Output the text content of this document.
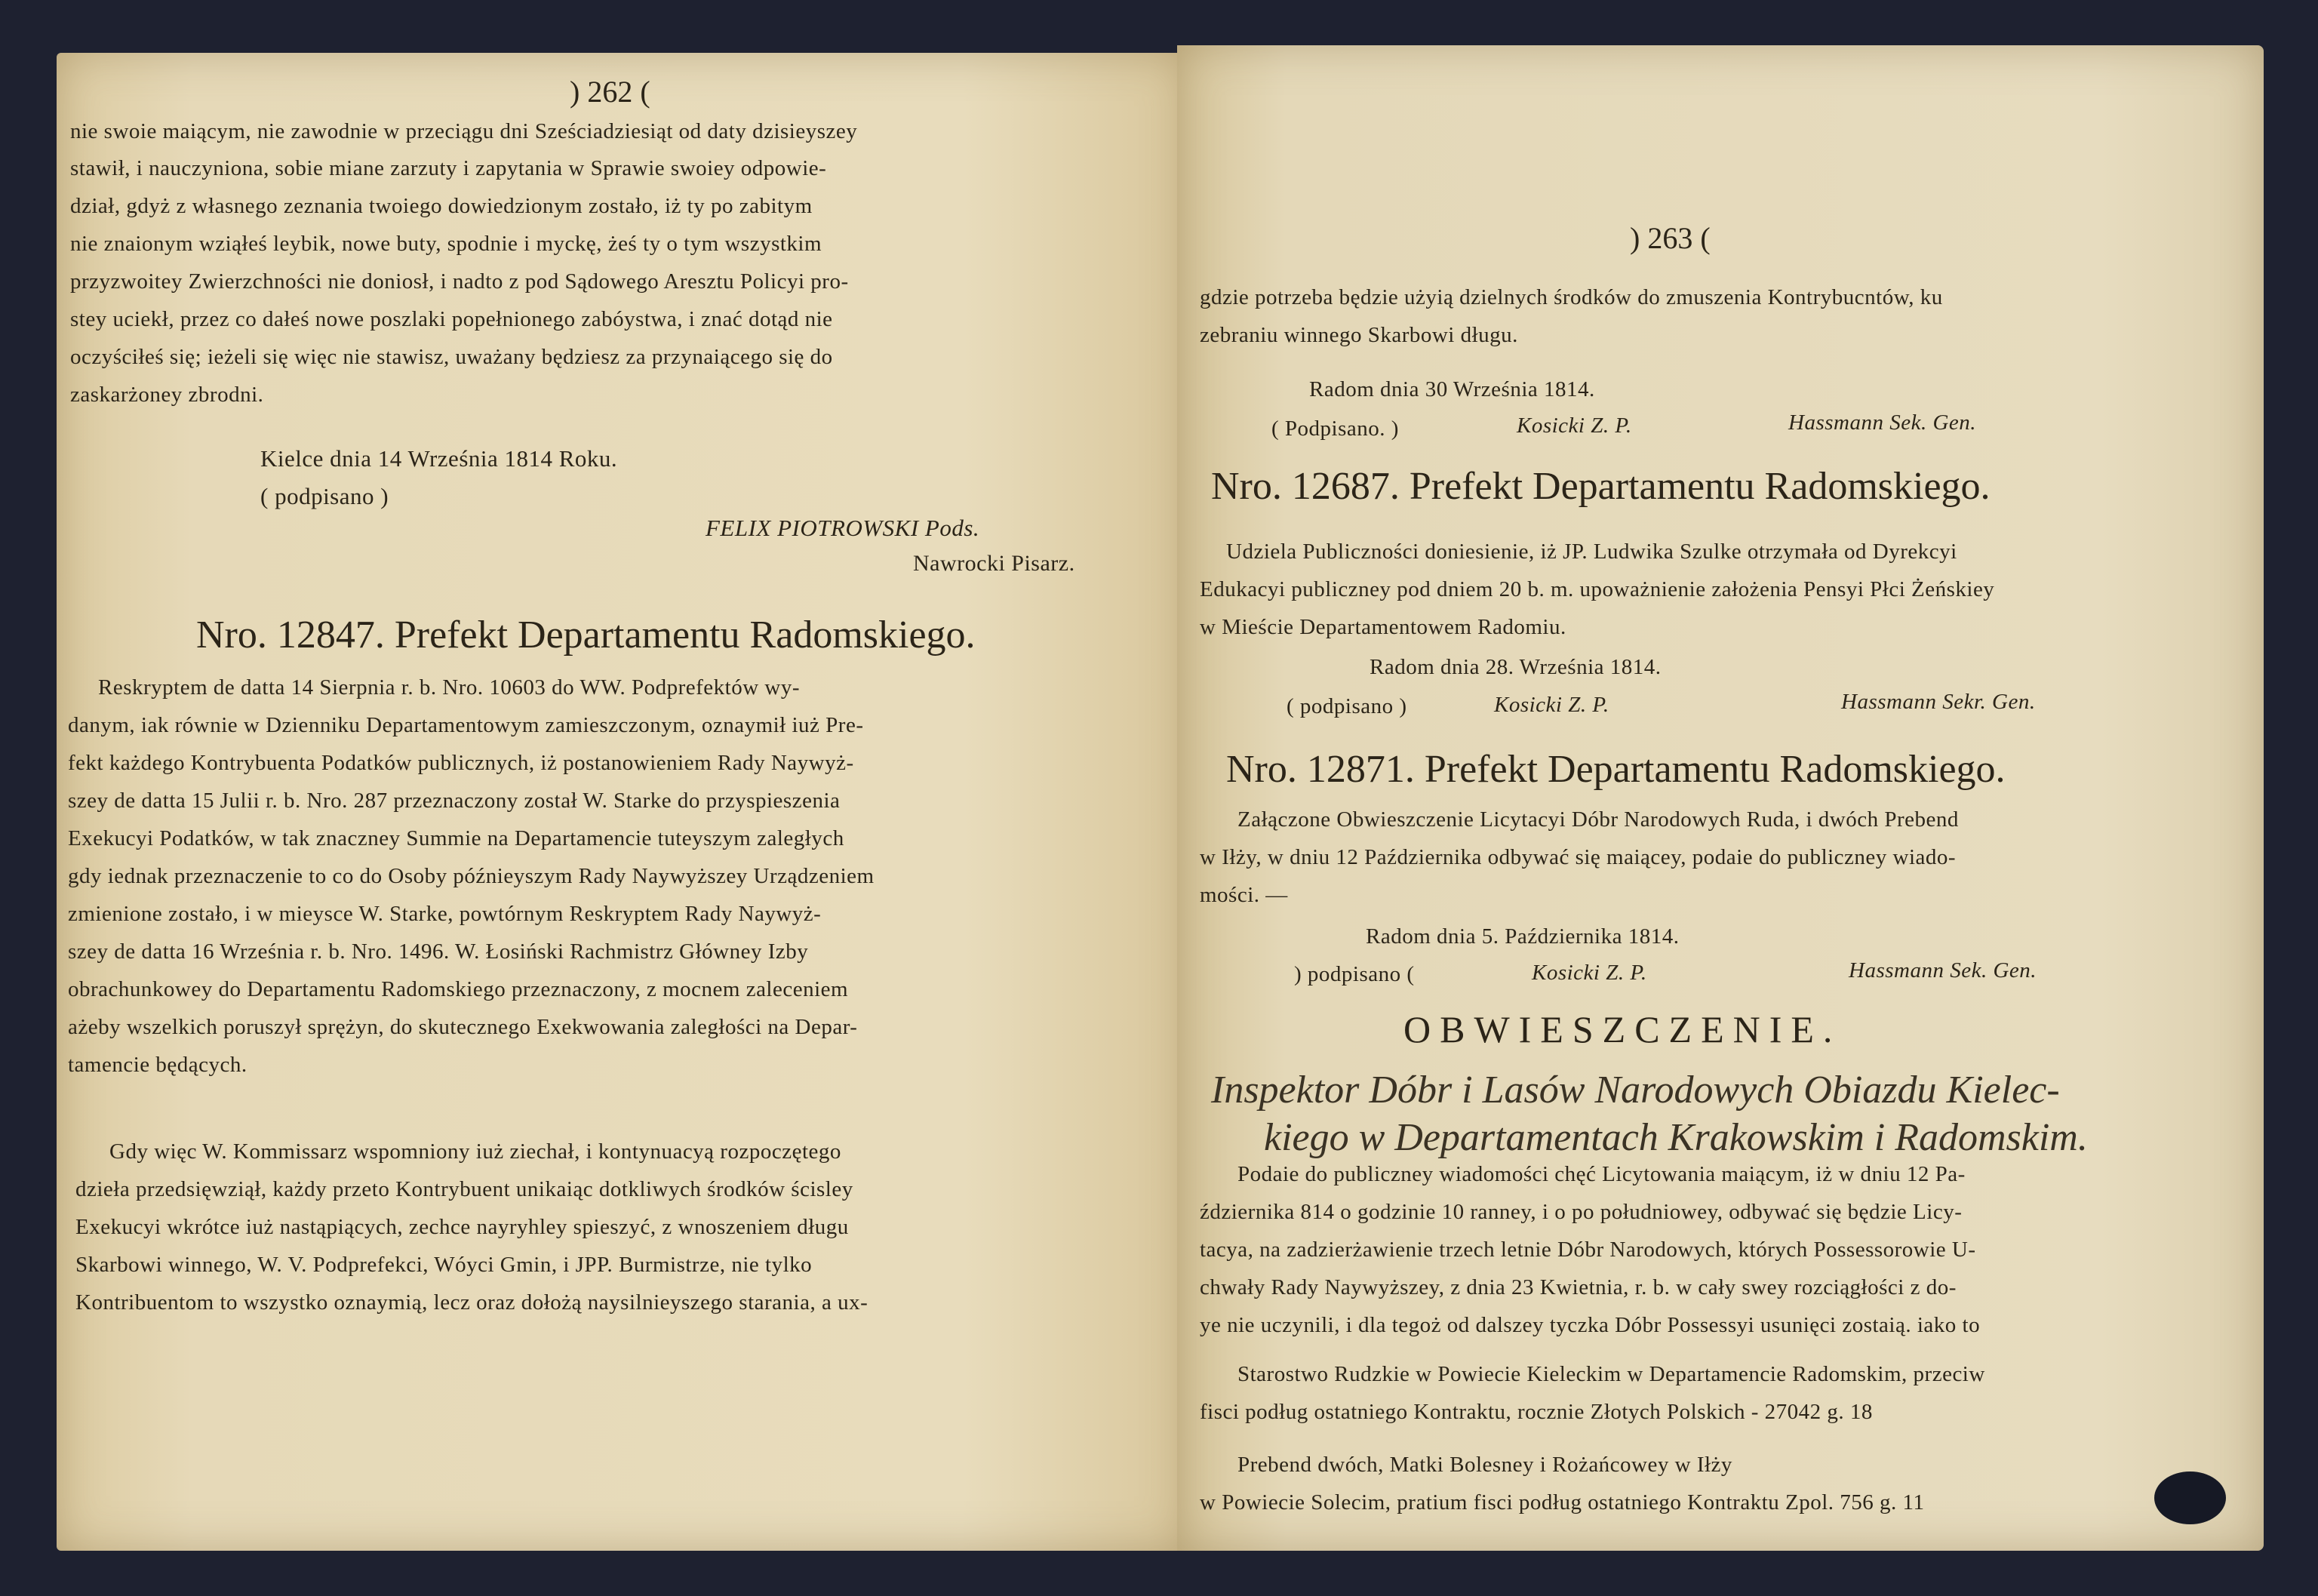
) 262 (
nie swoie maiącym, nie zawodnie w przeciągu dni Sześciadziesiąt od daty dzisieyszey
stawił, i nauczyniona, sobie miane zarzuty i zapytania w Sprawie swoiey odpowie-
dział, gdyż z własnego zeznania twoiego dowiedzionym zostało, iż ty po zabitym
nie znaionym wziąłeś leybik, nowe buty, spodnie i myckę, żeś ty o tym wszystkim
przyzwoitey Zwierzchności nie doniosł, i nadto z pod Sądowego Aresztu Policyi pro-
stey uciekł, przez co dałeś nowe poszlaki popełnionego zabóystwa, i znać dotąd nie
oczyściłeś się; ieżeli się więc nie stawisz, uważany będziesz za przynaiącego się do
zaskarżoney zbrodni.
Kielce dnia 14 Września 1814 Roku.
( podpisano )
FELIX PIOTROWSKI Pods.
Nawrocki Pisarz.
Nro. 12847. Prefekt Departamentu Radomskiego.
Reskryptem de datta 14 Sierpnia r. b. Nro. 10603 do WW. Podprefektów wy-
danym, iak równie w Dzienniku Departamentowym zamieszczonym, oznaymił iuż Pre-
fekt każdego Kontrybuenta Podatków publicznych, iż postanowieniem Rady Naywyż-
szey de datta 15 Julii r. b. Nro. 287 przeznaczony został W. Starke do przyspieszenia
Exekucyi Podatków, w tak znaczney Summie na Departamencie tuteyszym zaległych
gdy iednak przeznaczenie to co do Osoby późnieyszym Rady Naywyższey Urządzeniem
zmienione zostało, i w mieysce W. Starke, powtórnym Reskryptem Rady Naywyż-
szey de datta 16 Września r. b. Nro. 1496. W. Łosiński Rachmistrz Główney Izby
obrachunkowey do Departamentu Radomskiego przeznaczony, z mocnem zaleceniem
ażeby wszelkich poruszył sprężyn, do skutecznego Exekwowania zaległości na Depar-
tamencie będących.
Gdy więc W. Kommissarz wspomniony iuż ziechał, i kontynuacyą rozpoczętego
dzieła przedsięwziął, każdy przeto Kontrybuent unikaiąc dotkliwych środków ścisley
Exekucyi wkrótce iuż nastąpiących, zechce nayryhley spieszyć, z wnoszeniem długu
Skarbowi winnego, W. V. Podprefekci, Wóyci Gmin, i JPP. Burmistrze, nie tylko
Kontribuentom to wszystko oznaymią, lecz oraz dołożą naysilnieyszego starania, a ux-
) 263 (
gdzie potrzeba będzie użyią dzielnych środków do zmuszenia Kontrybucntów, ku
zebraniu winnego Skarbowi długu.
Radom dnia 30 Września 1814.
( Podpisano. )	Kosicki Z. P.	Hassmann Sek. Gen.
Nro. 12687. Prefekt Departamentu Radomskiego.
Udziela Publiczności doniesienie, iż JP. Ludwika Szulke otrzymała od Dyrekcyi
Edukacyi publiczney pod dniem 20 b. m. upoważnienie założenia Pensyi Płci Żeńskiey
w Mieście Departamentowem Radomiu.
Radom dnia 28. Września 1814.
( podpisano )	Kosicki Z. P.	Hassmann Sekr. Gen.
Nro. 12871. Prefekt Departamentu Radomskiego.
Załączone Obwieszczenie Licytacyi Dóbr Narodowych Ruda, i dwóch Prebend
w Iłży, w dniu 12 Października odbywać się maiącey, podaie do publiczney wiado-
mości. —
Radom dnia 5. Października 1814.
) podpisano (	Kosicki Z. P.	Hassmann Sek. Gen.
OBWIESZCZENIE.
Inspektor Dóbr i Lasów Narodowych Obiazdu Kielec-
kiego w Departamentach Krakowskim i Radomskim.
Podaie do publiczney wiadomości chęć Licytowania maiącym, iż w dniu 12 Pa-
ździernika 814 o godzinie 10 ranney, i o po południowey, odbywać się będzie Licy-
tacya, na zadzierżawienie trzech letnie Dóbr Narodowych, których Possessorowie U-
chwały Rady Naywyższey, z dnia 23 Kwietnia, r. b. w cały swey rozciągłości z do-
ye nie uczynili, i dla tegoż od dalszey tyczka Dóbr Possessyi usunięci zostaią. iako to
Starostwo Rudzkie w Powiecie Kieleckim w Departamencie Radomskim, przeciw
fisci podług ostatniego Kontraktu, rocznie Złotych Polskich - 27042 g. 18
Prebend dwóch, Matki Bolesney i Rożańcowey w Iłży
w Powiecie Solecim, pratium fisci podług ostatniego Kontraktu Zpol. 756 g. 11
